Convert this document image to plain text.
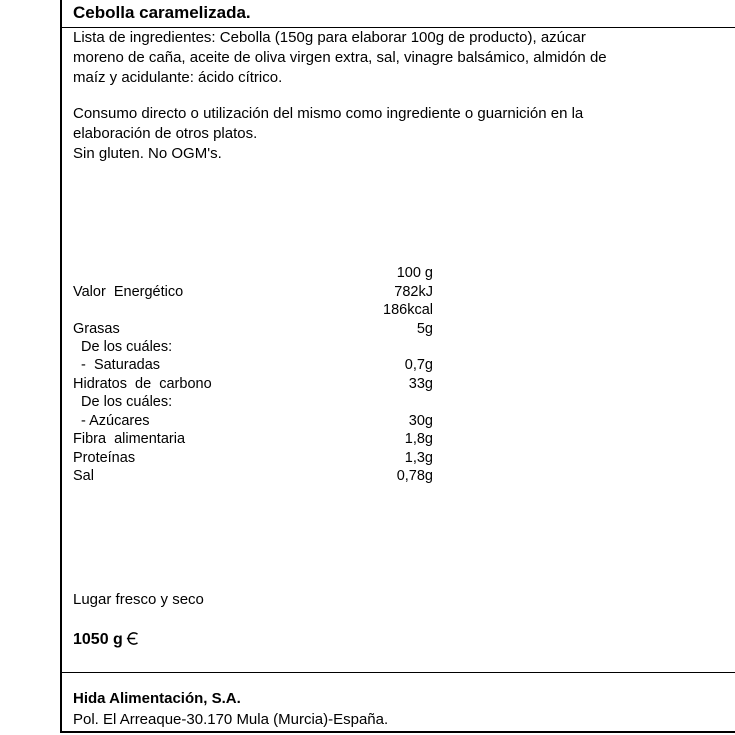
Cebolla caramelizada.
Lista de ingredientes: Cebolla (150g para elaborar 100g de producto), azúcar
moreno de caña, aceite de oliva virgen extra, sal, vinagre balsámico, almidón de
maíz y acidulante: ácido cítrico.
Consumo directo o utilización del mismo como ingrediente o guarnición en la
elaboración de otros platos.
Sin gluten. No OGM's.
100 g
Valor  Energético	782kJ
186kcal
Grasas	5g
De los cuáles:
-  Saturadas	0,7g
Hidratos  de  carbono	33g
De los cuáles:
- Azúcares	30g
Fibra  alimentaria	1,8g
Proteínas	1,3g
Sal	0,78g
Lugar fresco y seco
1050 g
Hida Alimentación, S.A.
Pol. El Arreaque-30.170 Mula (Murcia)-España.
